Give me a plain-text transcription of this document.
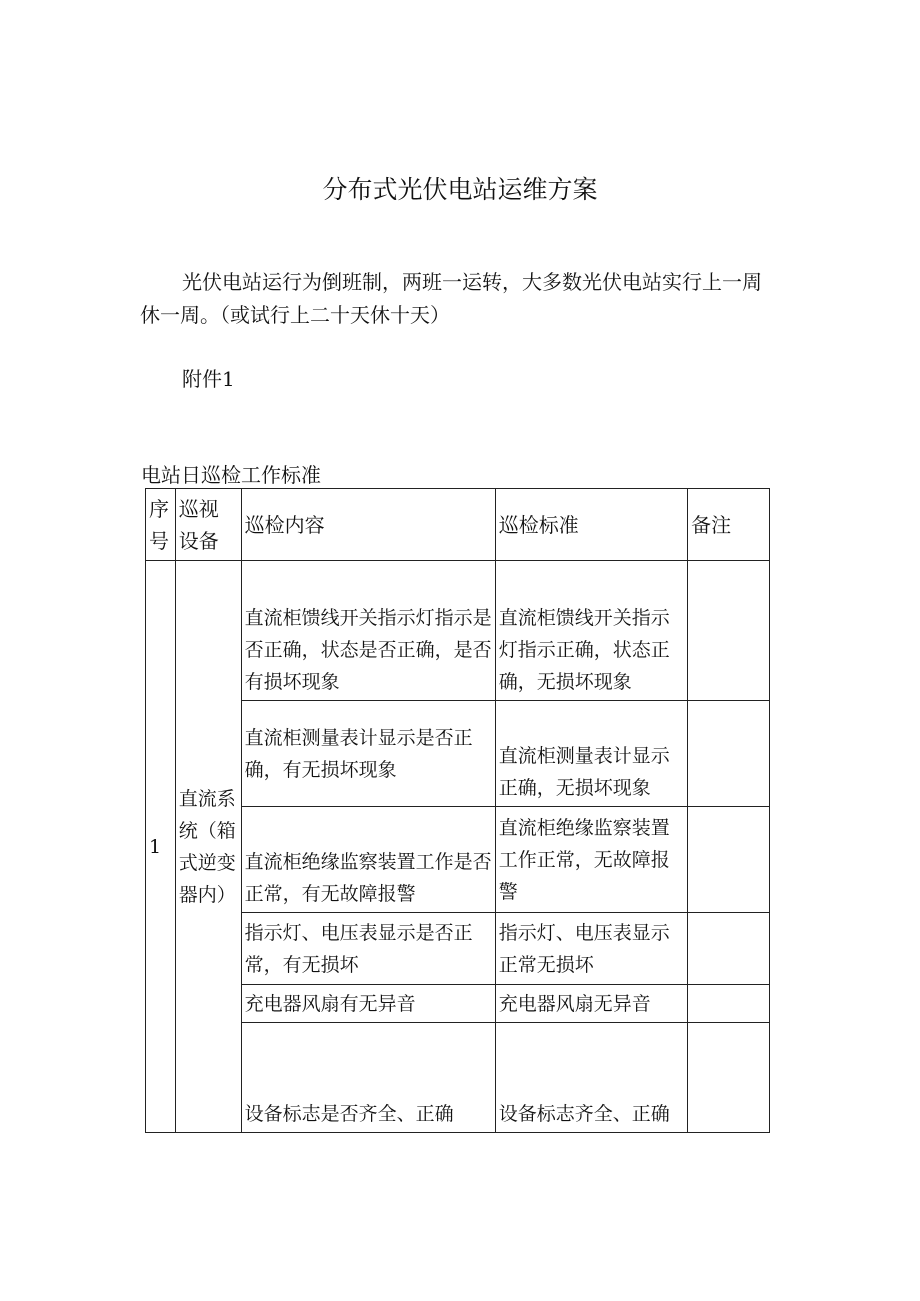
分布式光伏电站运维方案

光伏电站运行为倒班制，两班一运转，大多数光伏电站实行上一周休一周。（或试行上二十天休十天）

附件1
电站日巡检工作标准
序号	巡视设备	巡检内容	巡检标准	备注
1	直流系统（箱式逆变器内）	直流柜馈线开关指示灯指示是否正确，状态是否正确，是否有损坏现象	直流柜馈线开关指示灯指示正确，状态正确，无损坏现象	
		直流柜测量表计显示是否正确，有无损坏现象	直流柜测量表计显示正确，无损坏现象	
		直流柜绝缘监察装置工作是否正常，有无故障报警	直流柜绝缘监察装置工作正常，无故障报警	
		指示灯、电压表显示是否正常，有无损坏	指示灯、电压表显示正常无损坏	
		充电器风扇有无异音	充电器风扇无异音	
		设备标志是否齐全、正确	设备标志齐全、正确	
